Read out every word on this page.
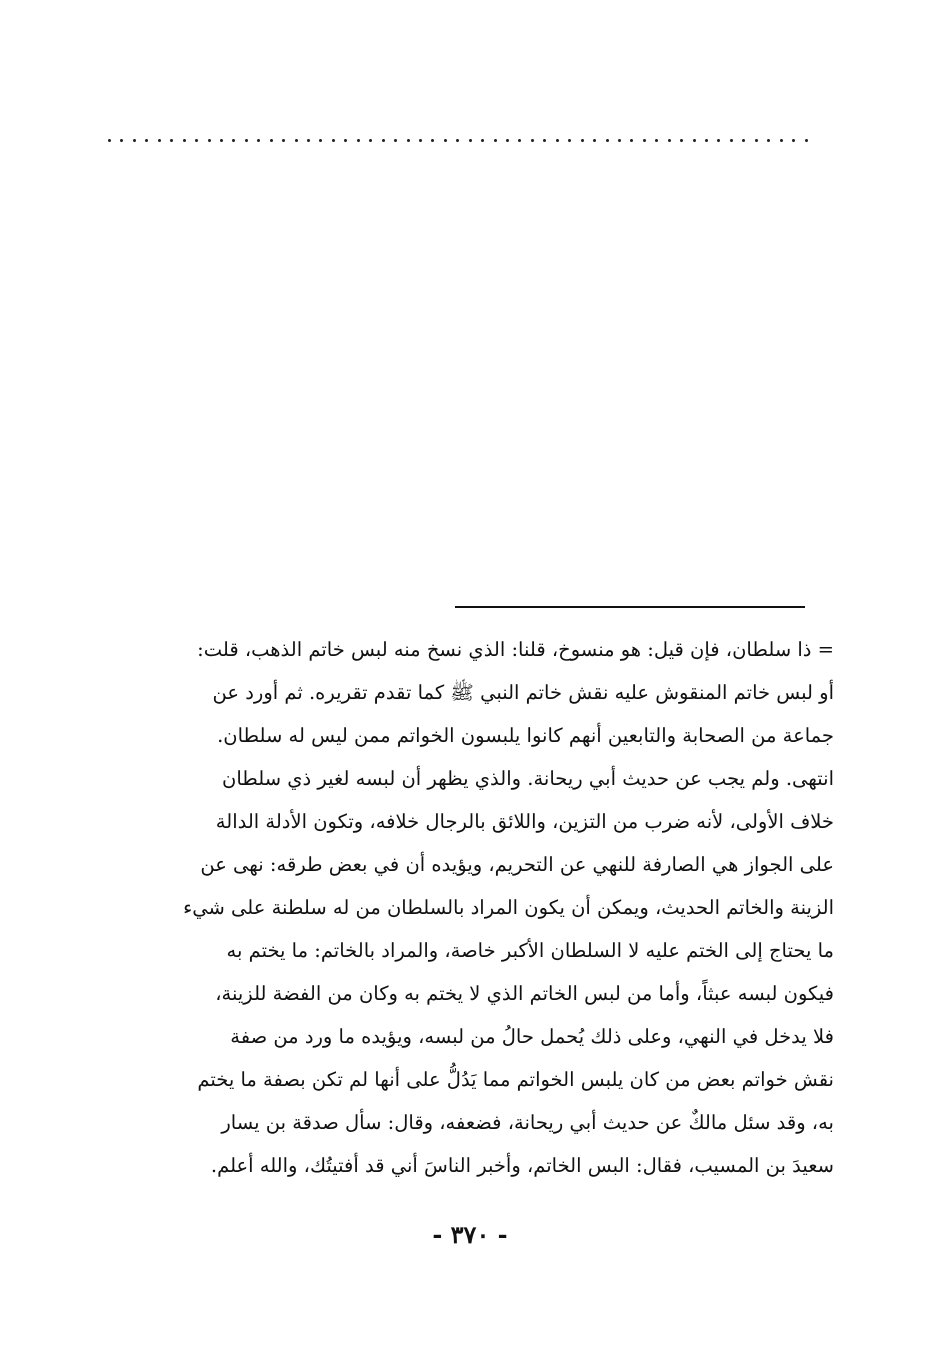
= ذا سلطان، فإن قيل: هو منسوخ، قلنا: الذي نسخ منه لبس خاتم الذهب، قلت:
أو لبس خاتم المنقوش عليه نقش خاتم النبي ﷺ كما تقدم تقريره. ثم أورد عن
جماعة من الصحابة والتابعين أنهم كانوا يلبسون الخواتم ممن ليس له سلطان.
انتهى. ولم يجب عن حديث أبي ريحانة. والذي يظهر أن لبسه لغير ذي سلطان
خلاف الأولى، لأنه ضرب من التزين، واللائق بالرجال خلافه، وتكون الأدلة الدالة
على الجواز هي الصارفة للنهي عن التحريم، ويؤيده أن في بعض طرقه: نهى عن
الزينة والخاتم الحديث، ويمكن أن يكون المراد بالسلطان من له سلطنة على شيء
ما يحتاج إلى الختم عليه لا السلطان الأكبر خاصة، والمراد بالخاتم: ما يختم به
فيكون لبسه عبثاً، وأما من لبس الخاتم الذي لا يختم به وكان من الفضة للزينة،
فلا يدخل في النهي، وعلى ذلك يُحمل حالُ من لبسه، ويؤيده ما ورد من صفة
نقش خواتم بعض من كان يلبس الخواتم مما يَدُلُّ على أنها لم تكن بصفة ما يختم
به، وقد سئل مالكٌ عن حديث أبي ريحانة، فضعفه، وقال: سأل صدقة بن يسار
سعيدَ بن المسيب، فقال: البس الخاتم، وأخبر الناسَ أني قد أفتيتُك، والله أعلم.
- ٣٧٠ -
